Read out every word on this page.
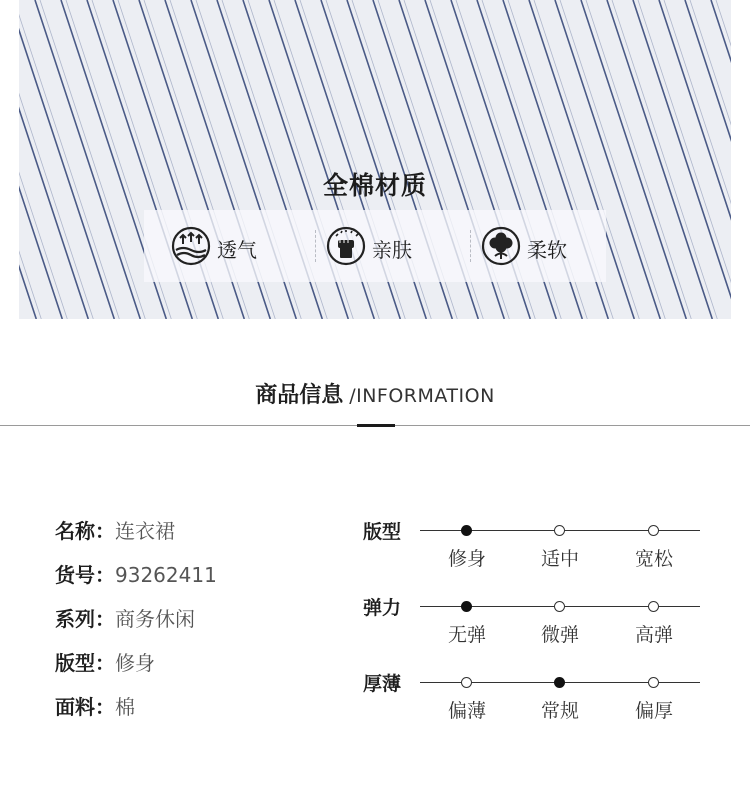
全棉材质
透气	亲肤	柔软
商品信息 /INFORMATION
名称：连衣裙
货号：93262411
系列：商务休闲
版型：修身
面料：棉
版型
修身	适中	宽松
弹力
无弹	微弹	高弹
厚薄
偏薄	常规	偏厚
